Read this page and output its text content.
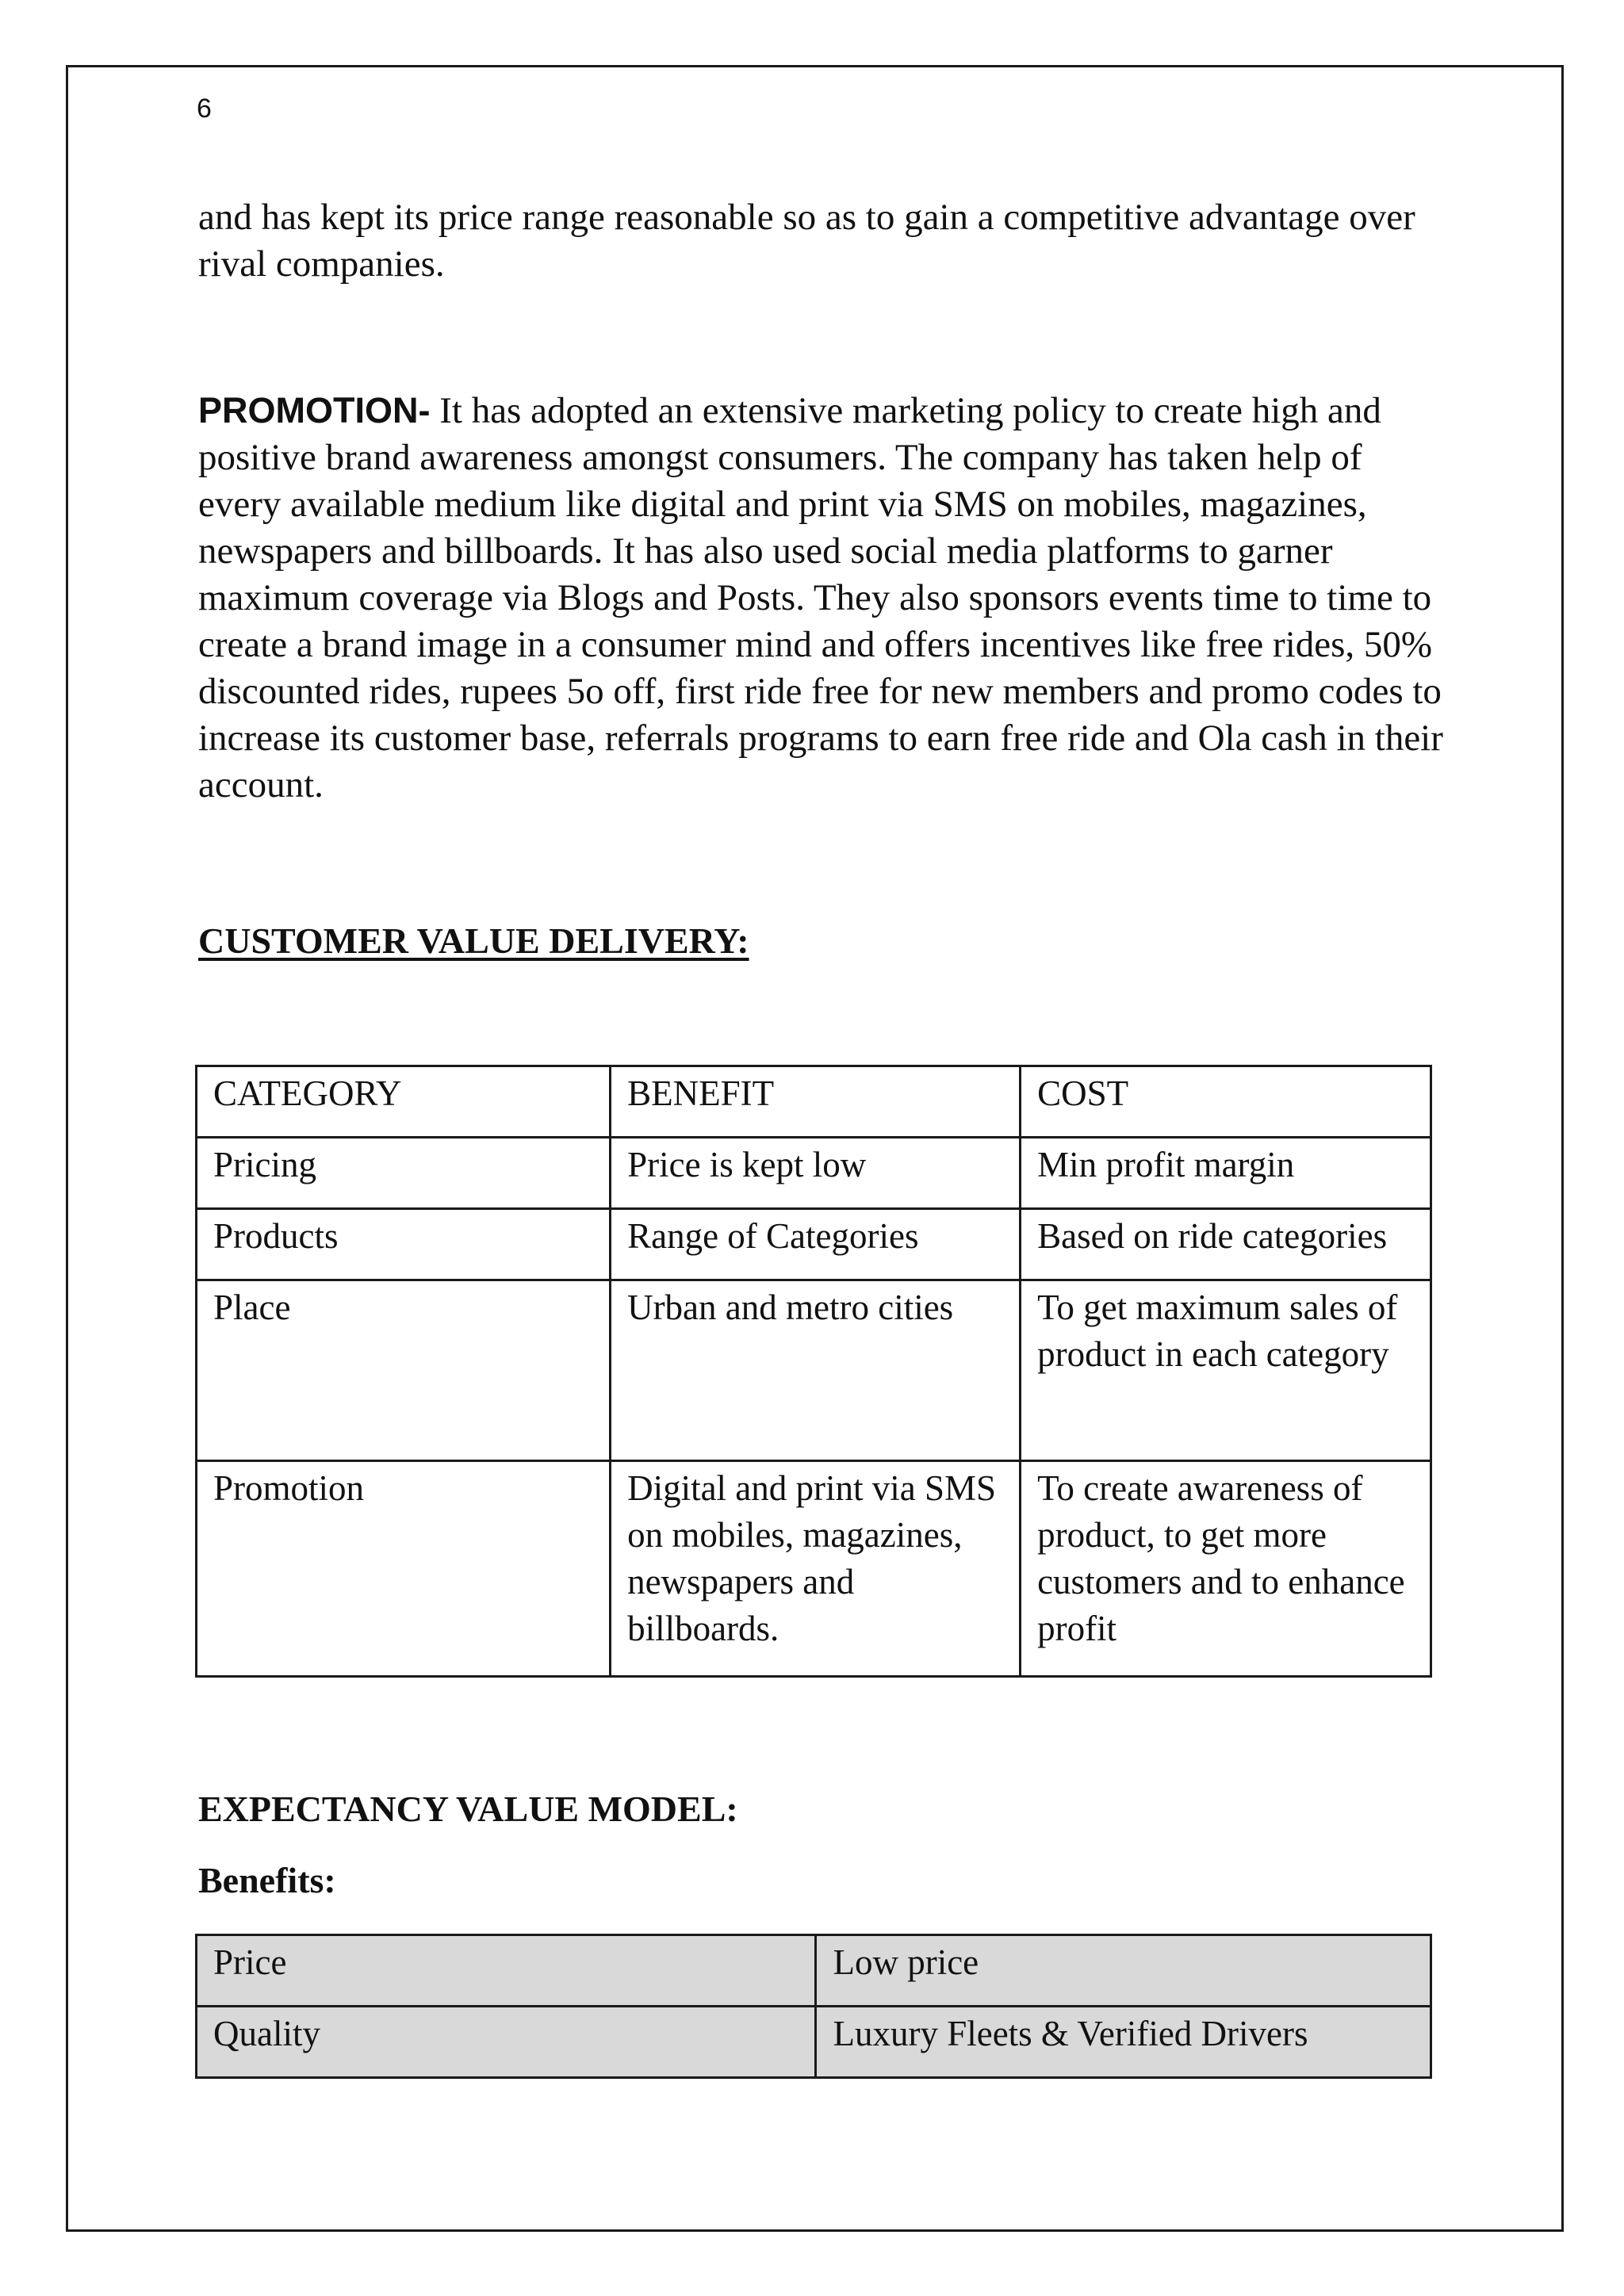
6

and has kept its price range reasonable so as to gain a competitive advantage over rival companies.

PROMOTION- It has adopted an extensive marketing policy to create high and positive brand awareness amongst consumers. The company has taken help of every available medium like digital and print via SMS on mobiles, magazines, newspapers and billboards. It has also used social media platforms to garner maximum coverage via Blogs and Posts. They also sponsors events time to time to create a brand image in a consumer mind and offers incentives like free rides, 50% discounted rides, rupees 5o off, first ride free for new members and promo codes to increase its customer base, referrals programs to earn free ride and Ola cash in their account.

CUSTOMER VALUE DELIVERY:
CATEGORY	BENEFIT	COST
Pricing	Price is kept low	Min profit margin
Products	Range of Categories	Based on ride categories
Place	Urban and metro cities	To get maximum sales of product in each category
Promotion	Digital and print via SMS on mobiles, magazines, newspapers and billboards.	To create awareness of product, to get more customers and to enhance profit
EXPECTANCY VALUE MODEL:
Benefits:
Price	Low price
Quality	Luxury Fleets & Verified Drivers
